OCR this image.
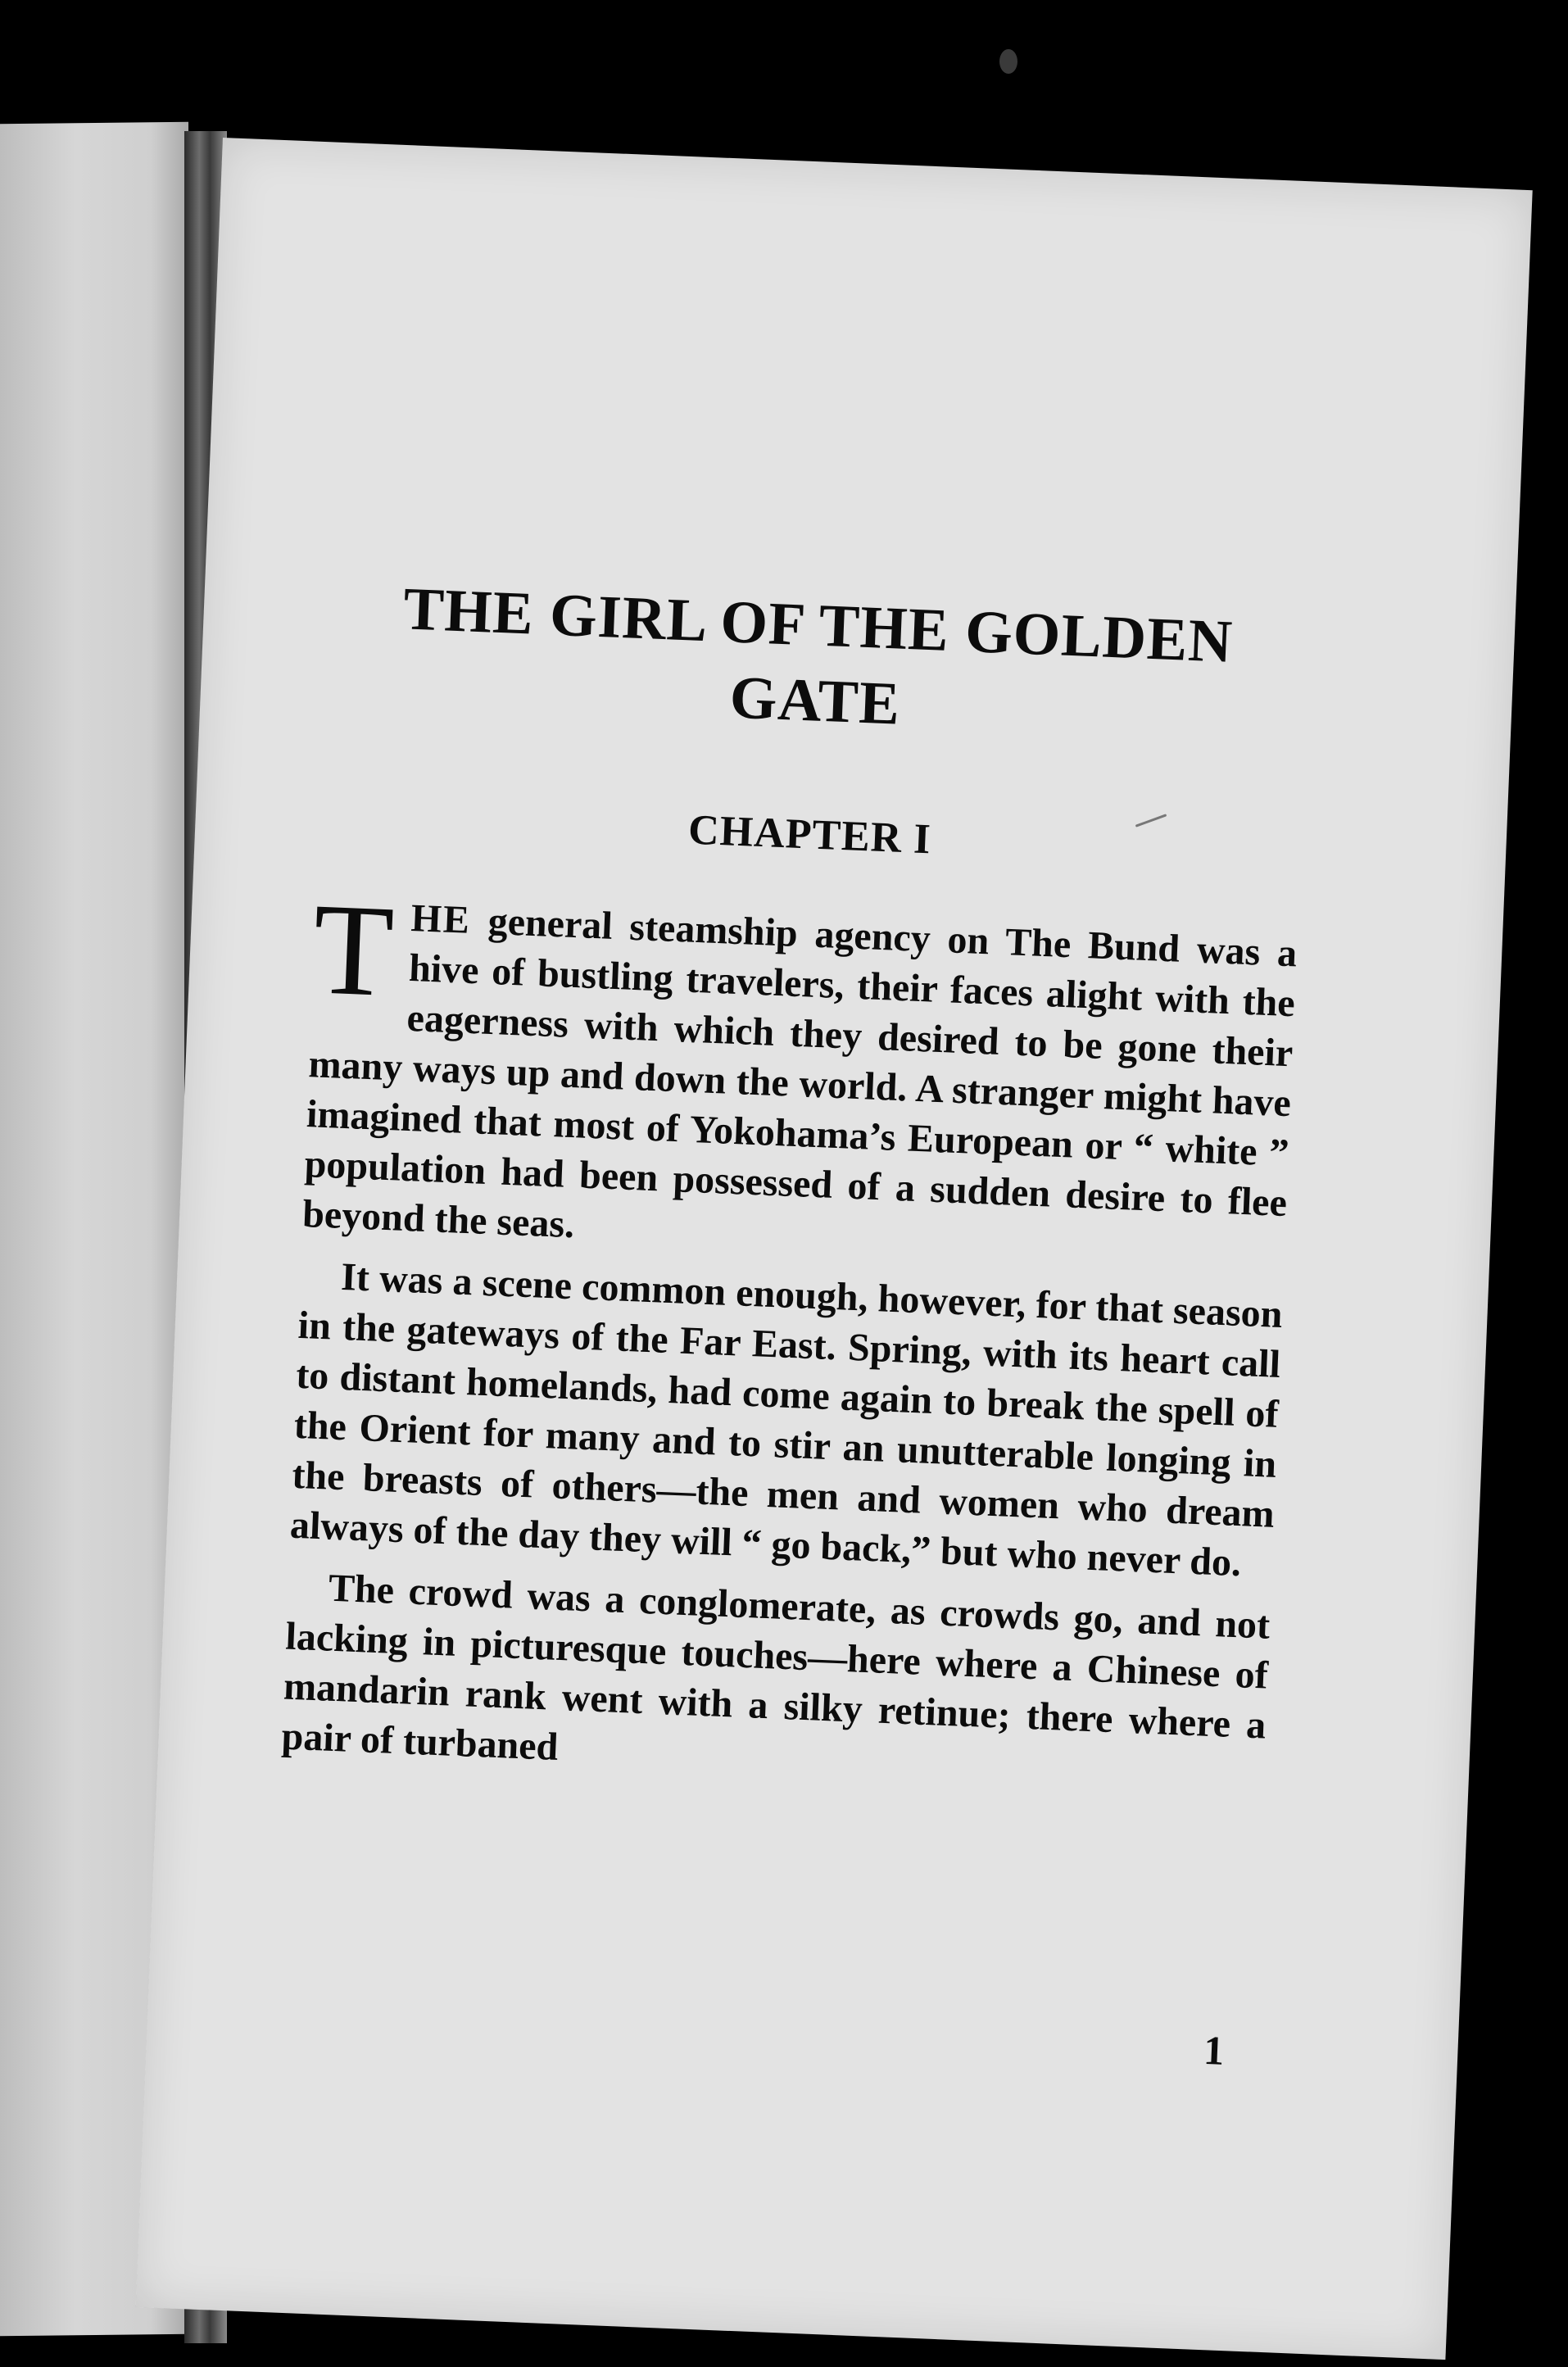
THE GIRL OF THE GOLDEN GATE
CHAPTER I

THE general steamship agency on The Bund was a hive of bustling travelers, their faces alight with the eagerness with which they desired to be gone their many ways up and down the world. A stranger might have imagined that most of Yokohama’s European or “ white ” population had been possessed of a sudden desire to flee beyond the seas.

It was a scene common enough, however, for that season in the gateways of the Far East. Spring, with its heart call to distant homelands, had come again to break the spell of the Orient for many and to stir an unutterable longing in the breasts of others—the men and women who dream always of the day they will “ go back,” but who never do.

The crowd was a conglomerate, as crowds go, and not lacking in picturesque touches—here where a Chinese of mandarin rank went with a silky retinue; there where a pair of turbaned

1
